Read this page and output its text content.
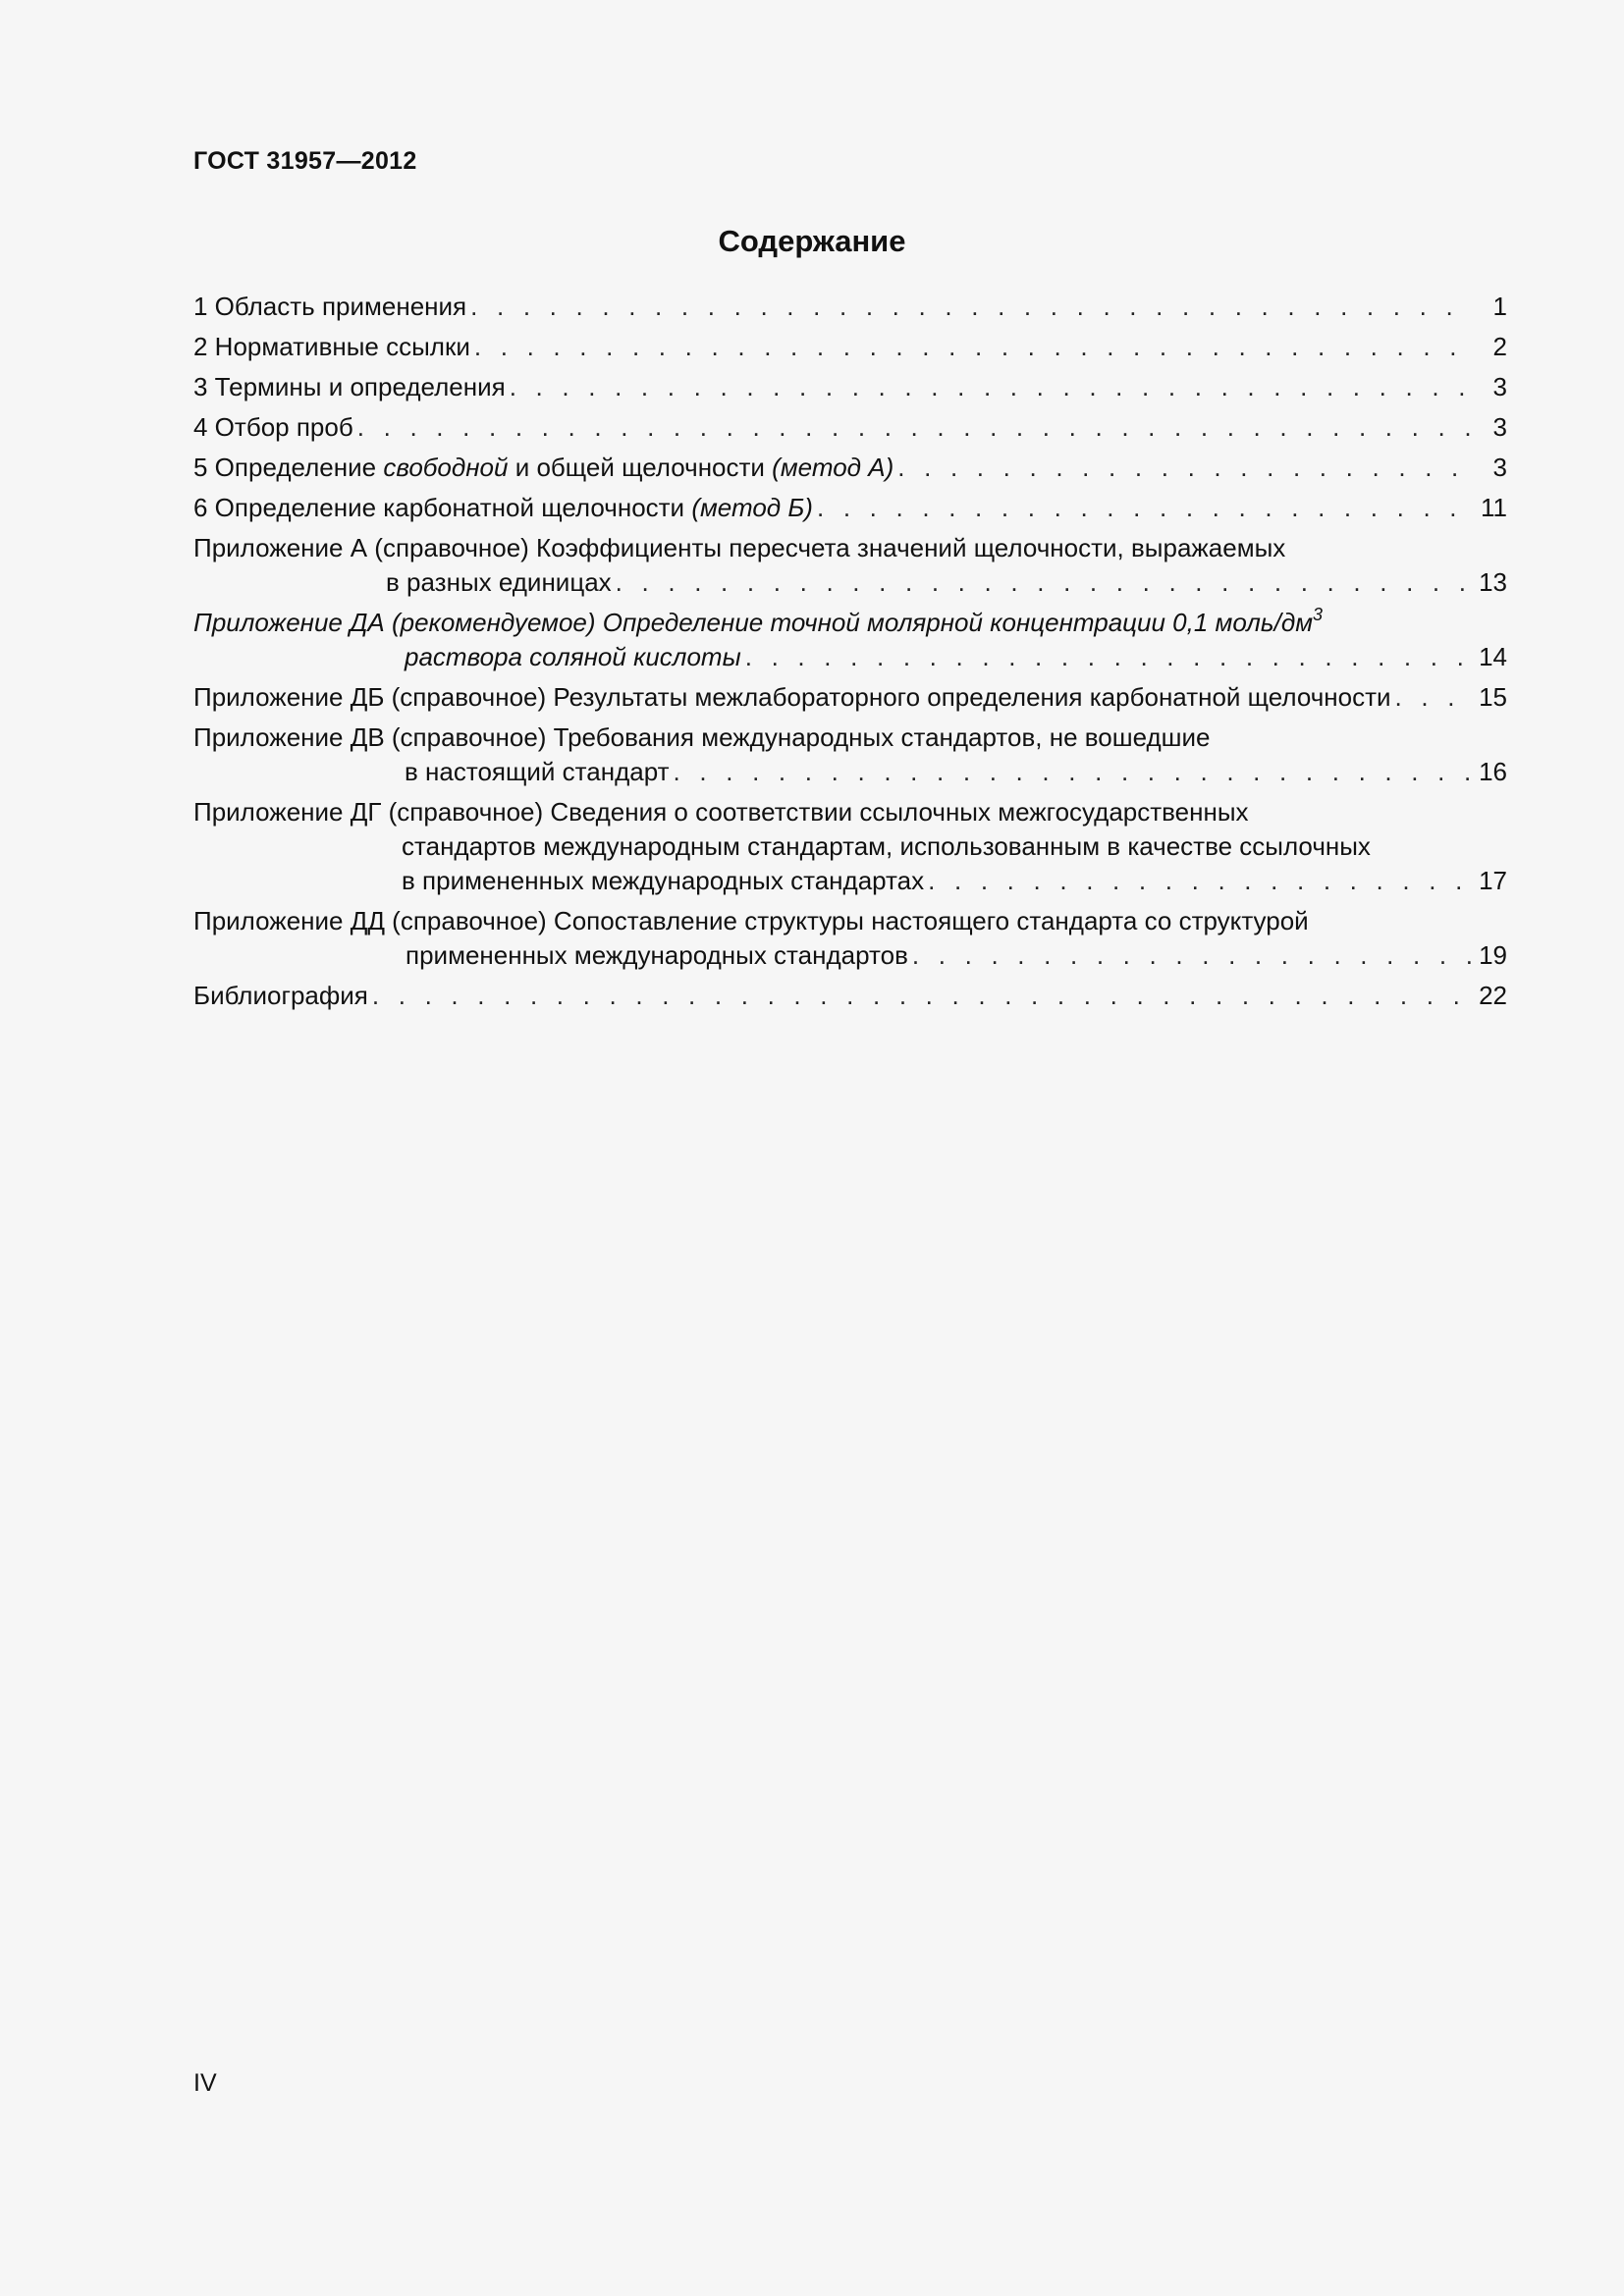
ГОСТ 31957—2012
Содержание
1 Область применения . . .	1
2 Нормативные ссылки . . .	2
3 Термины и определения . . .	3
4 Отбор проб . . .	3
5 Определение свободной и общей щелочности (метод А) . . .	3
6 Определение карбонатной щелочности (метод Б) . . .	11
Приложение А (справочное) Коэффициенты пересчета значений щелочности, выражаемых
в разных единицах . . .	13
Приложение ДА (рекомендуемое) Определение точной молярной концентрации 0,1 моль/$дм^3$
раствора соляной кислоты . . .	14
Приложение ДБ (справочное) Результаты межлабораторного определения карбонатной щелочности . . .	15
Приложение ДВ (справочное) Требования международных стандартов, не вошедшие
в настоящий стандарт . . .	16
Приложение ДГ (справочное) Сведения о соответствии ссылочных межгосударственных
стандартов международным стандартам, использованным в качестве ссылочных
в примененных международных стандартах . . .	17
Приложение ДД (справочное) Сопоставление структуры настоящего стандарта со структурой
примененных международных стандартов . . .	19
Библиография . . .	22
IV
